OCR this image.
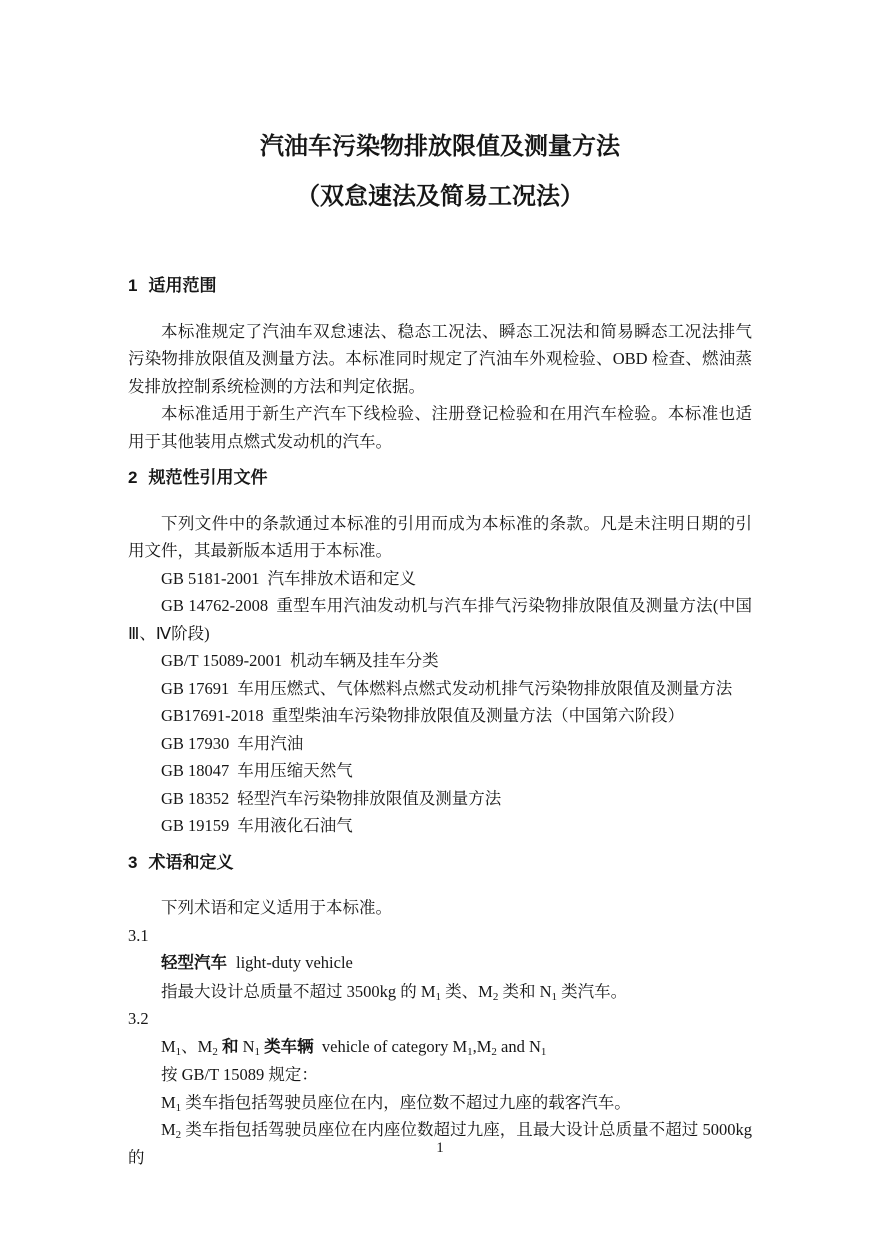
汽油车污染物排放限值及测量方法
（双怠速法及简易工况法）
1 适用范围

本标准规定了汽油车双怠速法、稳态工况法、瞬态工况法和简易瞬态工况法排气污染物排放限值及测量方法。本标准同时规定了汽油车外观检验、OBD 检查、燃油蒸发排放控制系统检测的方法和判定依据。

本标准适用于新生产汽车下线检验、注册登记检验和在用汽车检验。本标准也适用于其他装用点燃式发动机的汽车。

2 规范性引用文件

下列文件中的条款通过本标准的引用而成为本标准的条款。凡是未注明日期的引用文件，其最新版本适用于本标准。

GB 5181-2001 汽车排放术语和定义

GB 14762-2008 重型车用汽油发动机与汽车排气污染物排放限值及测量方法(中国Ⅲ、Ⅳ阶段)

GB/T 15089-2001 机动车辆及挂车分类

GB 17691 车用压燃式、气体燃料点燃式发动机排气污染物排放限值及测量方法

GB17691-2018 重型柴油车污染物排放限值及测量方法（中国第六阶段）

GB 17930 车用汽油

GB 18047 车用压缩天然气

GB 18352 轻型汽车污染物排放限值及测量方法

GB 19159 车用液化石油气

3 术语和定义

下列术语和定义适用于本标准。

3.1

轻型汽车 light-duty vehicle

指最大设计总质量不超过 3500kg 的 $M_1$ 类、$M_2$ 类和 $N_1$ 类汽车。

3.2

$M_1$、$M_2$ 和 $N_1$ 类车辆  vehicle of category $M_1,M_2$ and $N_1$

按 GB/T 15089 规定：

$M_1$ 类车指包括驾驶员座位在内，座位数不超过九座的载客汽车。

$M_2$ 类车指包括驾驶员座位在内座位数超过九座，且最大设计总质量不超过 5000kg 的	1
